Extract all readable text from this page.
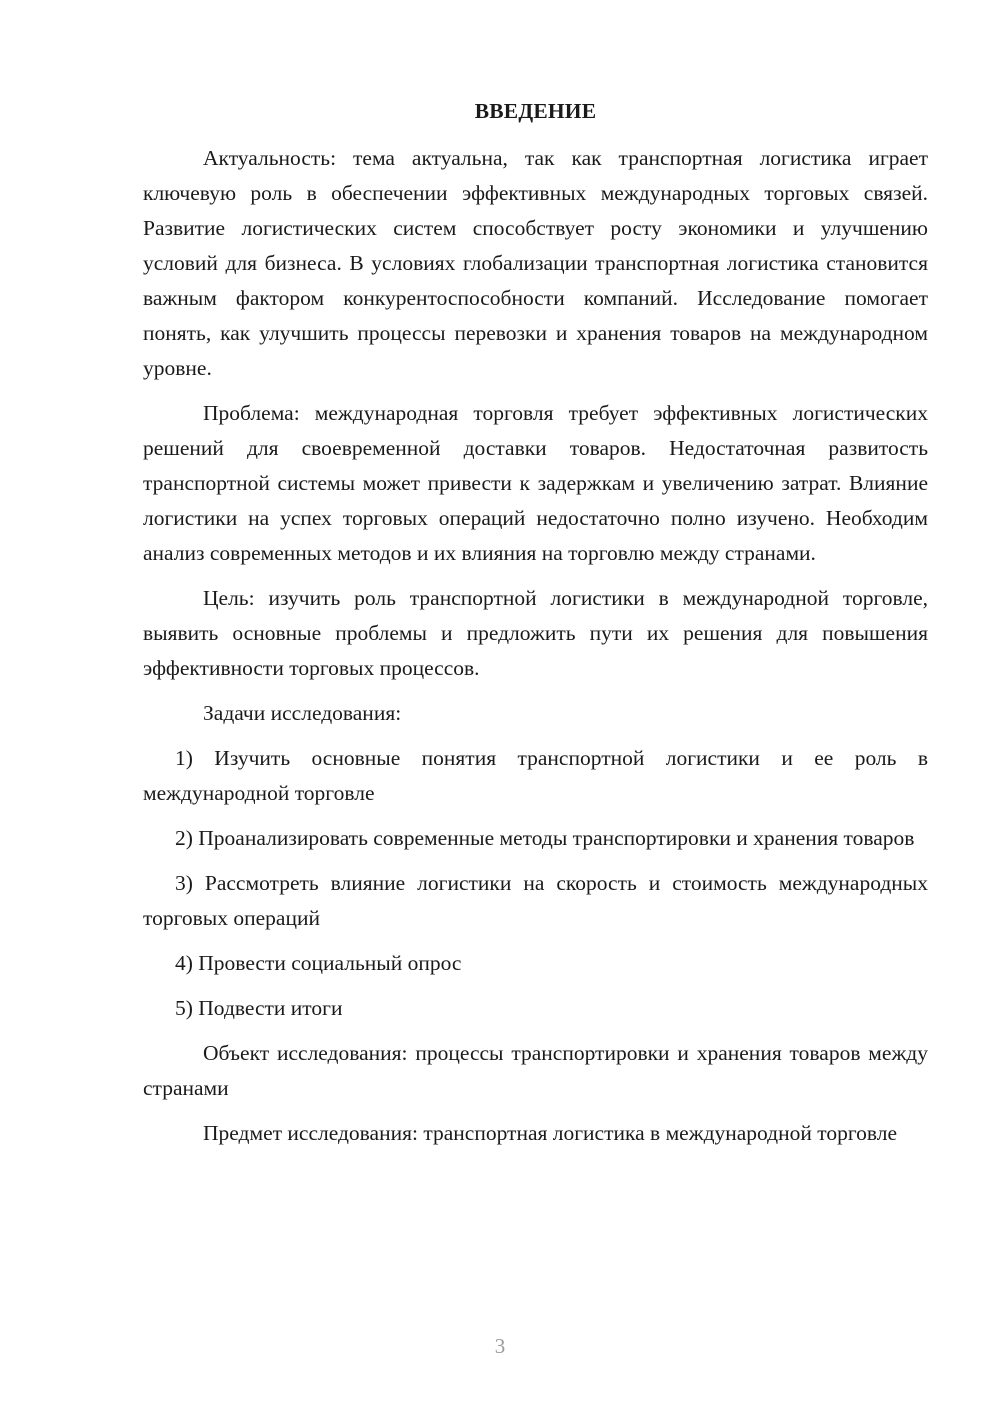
ВВЕДЕНИЕ

Актуальность: тема актуальна, так как транспортная логистика играет ключевую роль в обеспечении эффективных международных торговых связей. Развитие логистических систем способствует росту экономики и улучшению условий для бизнеса. В условиях глобализации транспортная логистика становится важным фактором конкурентоспособности компаний. Исследование помогает понять, как улучшить процессы перевозки и хранения товаров на международном уровне.

Проблема: международная торговля требует эффективных логистических решений для своевременной доставки товаров. Недостаточная развитость транспортной системы может привести к задержкам и увеличению затрат. Влияние логистики на успех торговых операций недостаточно полно изучено. Необходим анализ современных методов и их влияния на торговлю между странами.

Цель: изучить роль транспортной логистики в международной торговле, выявить основные проблемы и предложить пути их решения для повышения эффективности торговых процессов.

Задачи исследования:

1) Изучить основные понятия транспортной логистики и ее роль в международной торговле

2) Проанализировать современные методы транспортировки и хранения товаров

3) Рассмотреть влияние логистики на скорость и стоимость международных торговых операций

4) Провести социальный опрос

5) Подвести итоги

Объект исследования: процессы транспортировки и хранения товаров между странами

Предмет исследования: транспортная логистика в международной торговле

3
